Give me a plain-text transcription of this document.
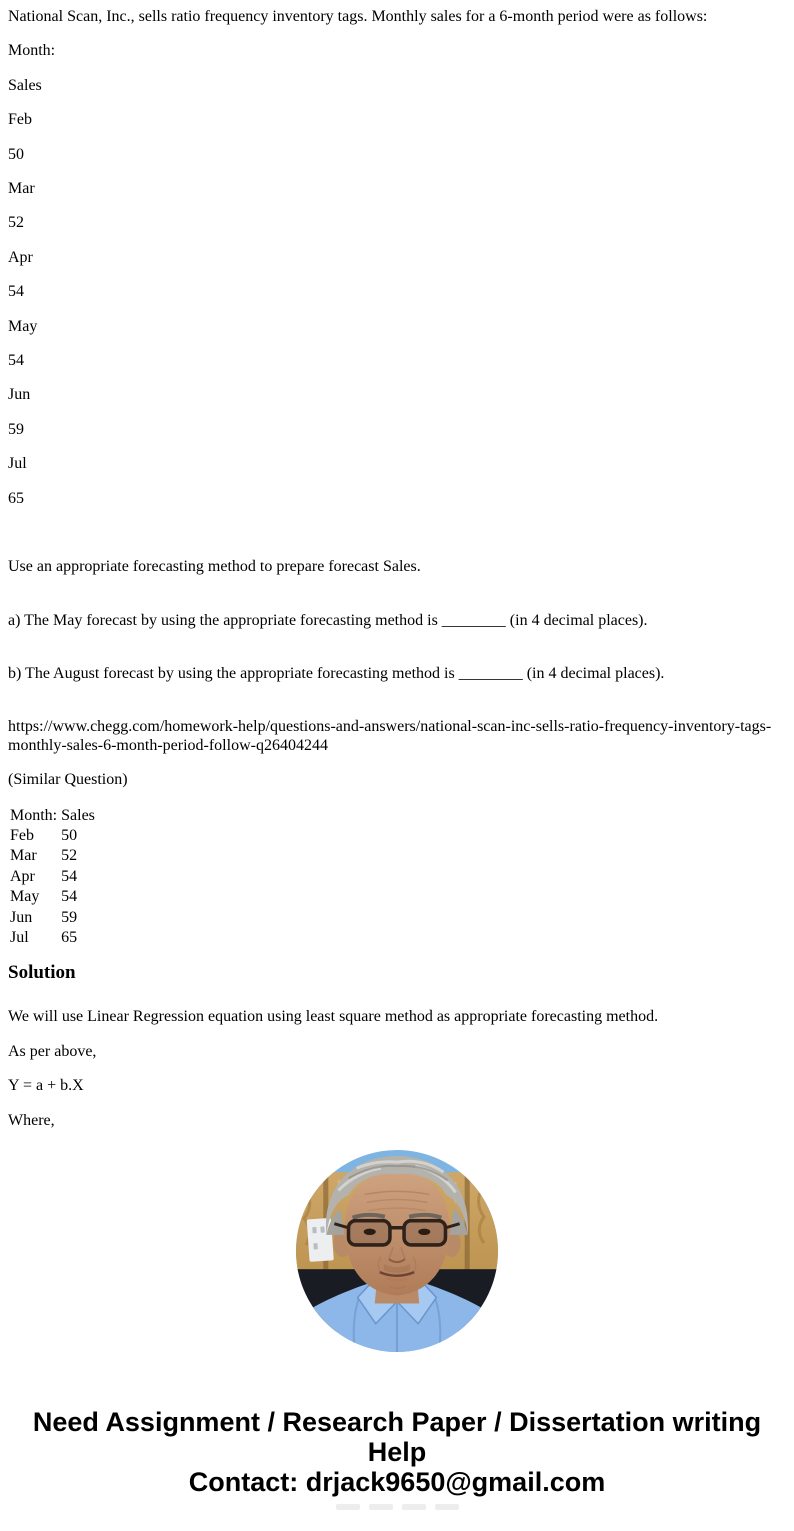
National Scan, Inc., sells ratio frequency inventory tags. Monthly sales for a 6-month period were as follows:

Month:

Sales

Feb

50

Mar

52

Apr

54

May

54

Jun

59

Jul

65

Use an appropriate forecasting method to prepare forecast Sales.

a) The May forecast by using the appropriate forecasting method is ________ (in 4 decimal places).

b) The August forecast by using the appropriate forecasting method is ________ (in 4 decimal places).

https://www.chegg.com/homework-help/questions-and-answers/national-scan-inc-sells-ratio-frequency-inventory-tags-monthly-sales-6-month-period-follow-q26404244

(Similar Question)

Month:	Sales
Feb	50
Mar	52
Apr	54
May	54
Jun	59
Jul	65
Solution

We will use Linear Regression equation using least square method as appropriate forecasting method.

As per above,

Y = a + b.X

Where,

Need Assignment / Research Paper / Dissertation writing Help
Contact: drjack9650@gmail.com
